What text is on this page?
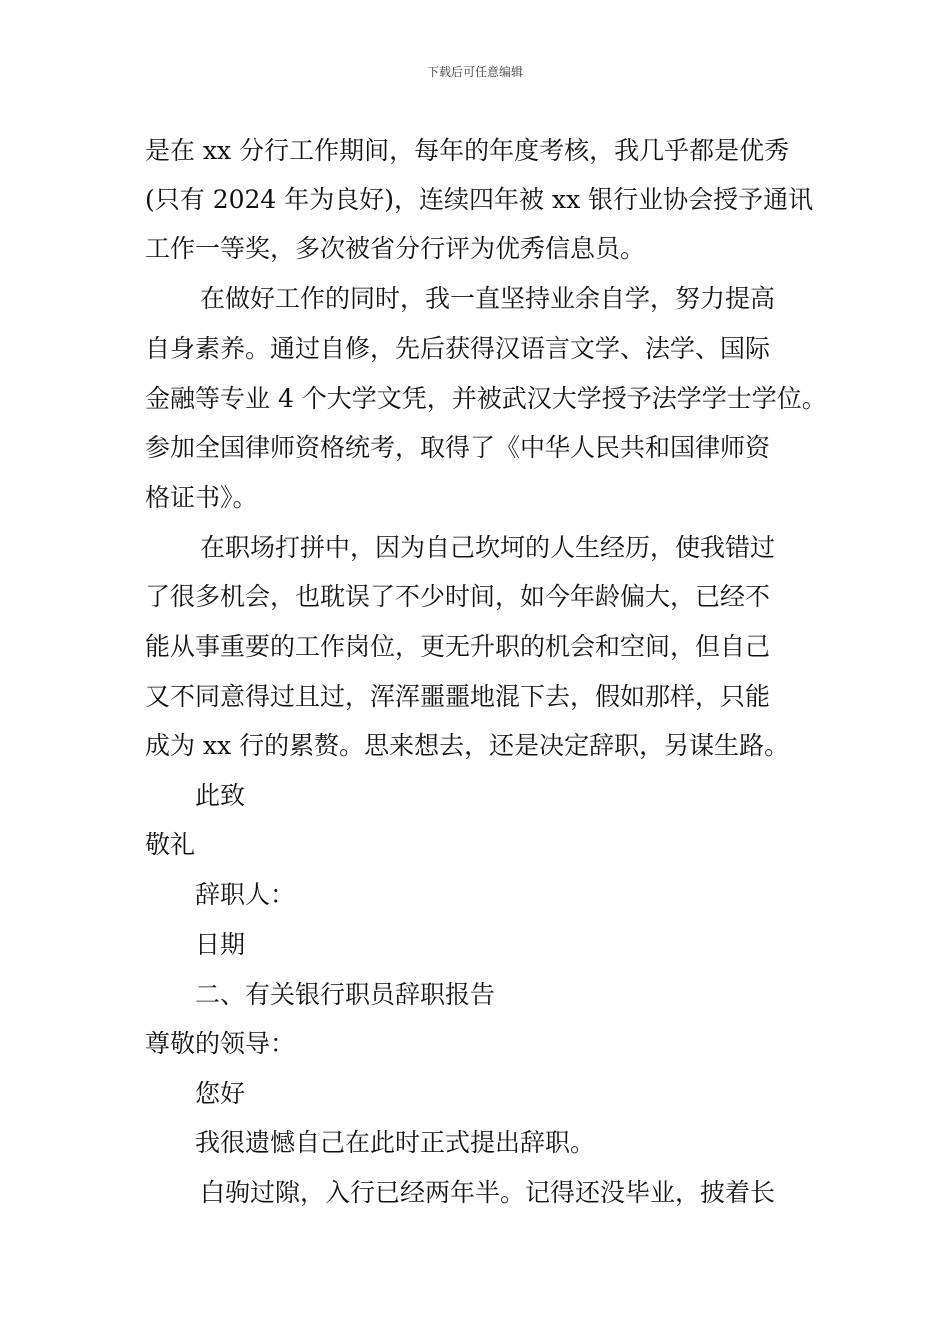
下载后可任意编辑
是在 xx 分行工作期间，每年的年度考核，我几乎都是优秀
(只有 2024 年为良好)，连续四年被 xx 银行业协会授予通讯
工作一等奖，多次被省分行评为优秀信息员。
在做好工作的同时，我一直坚持业余自学，努力提高
自身素养。通过自修，先后获得汉语言文学、法学、国际
金融等专业 4 个大学文凭，并被武汉大学授予法学学士学位。
参加全国律师资格统考，取得了《中华人民共和国律师资
格证书》。
在职场打拼中，因为自己坎坷的人生经历，使我错过
了很多机会，也耽误了不少时间，如今年龄偏大，已经不
能从事重要的工作岗位，更无升职的机会和空间，但自己
又不同意得过且过，浑浑噩噩地混下去，假如那样，只能
成为 xx 行的累赘。思来想去，还是决定辞职，另谋生路。
此致
敬礼
辞职人：
日期
二、有关银行职员辞职报告
尊敬的领导：
您好
我很遗憾自己在此时正式提出辞职。
白驹过隙，入行已经两年半。记得还没毕业，披着长
